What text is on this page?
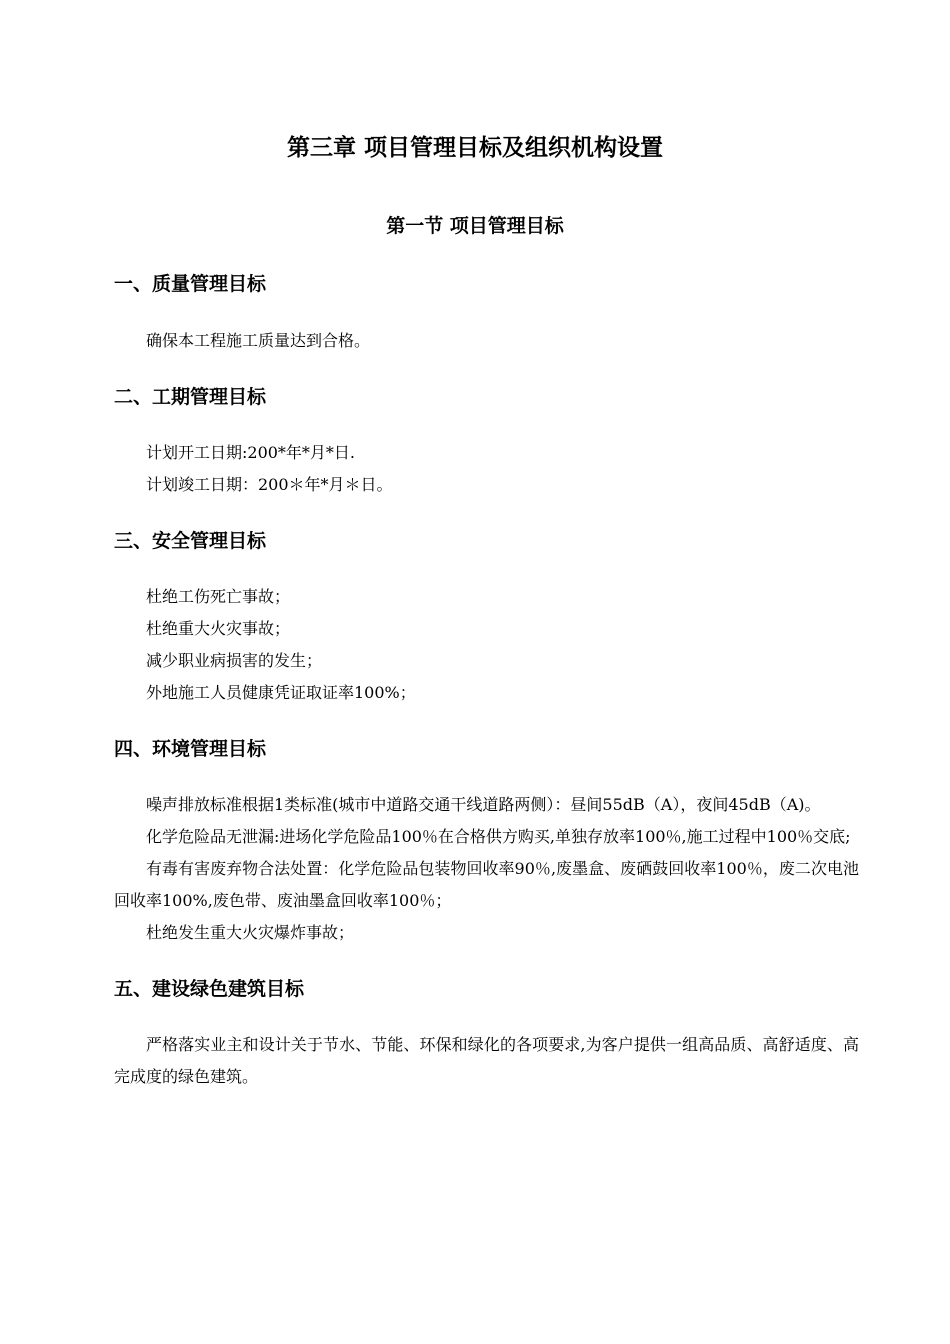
第三章 项目管理目标及组织机构设置
第一节 项目管理目标
一、质量管理目标

确保本工程施工质量达到合格。

二、工期管理目标

计划开工日期:200*年*月*日.

计划竣工日期：200＊年*月＊日。

三、安全管理目标

杜绝工伤死亡事故；

杜绝重大火灾事故；

减少职业病损害的发生；

外地施工人员健康凭证取证率100%；

四、环境管理目标

噪声排放标准根据1类标准(城市中道路交通干线道路两侧）：昼间55dB（A），夜间45dB（A)。

化学危险品无泄漏:进场化学危险品100％在合格供方购买,单独存放率100％,施工过程中100％交底;

有毒有害废弃物合法处置：化学危险品包装物回收率90％,废墨盒、废硒鼓回收率100％，废二次电池回收率100%,废色带、废油墨盒回收率100％；

杜绝发生重大火灾爆炸事故；

五、建设绿色建筑目标

严格落实业主和设计关于节水、节能、环保和绿化的各项要求,为客户提供一组高品质、高舒适度、高完成度的绿色建筑。
